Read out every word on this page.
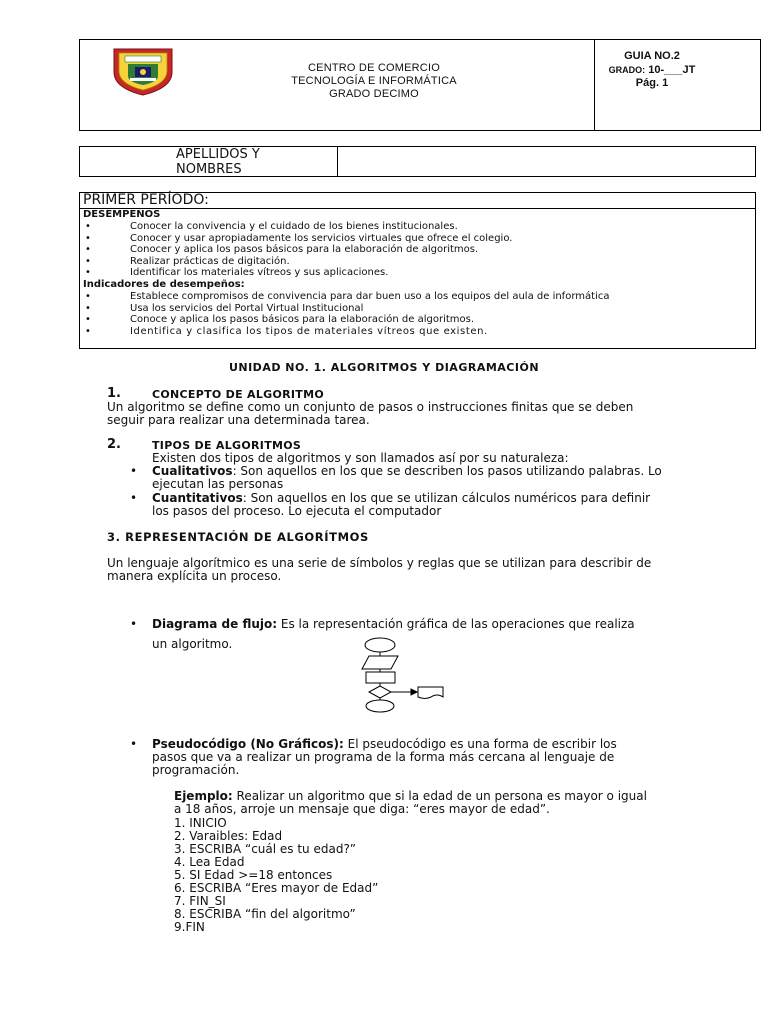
CENTRO DE COMERCIO
TECNOLOGÍA E INFORMÁTICA
GRADO DECIMO
GUIA NO.2
GRADO: 10-___JT
Pág. 1
APELLIDOS Y NOMBRES
PRIMER PERÍODO:
DESEMPEÑOS
•	Conocer la convivencia y el cuidado de los bienes institucionales.
•	Conocer y usar apropiadamente los servicios virtuales que ofrece el colegio.
•	Conocer y aplica los pasos básicos para la elaboración de algoritmos.
•	Realizar prácticas de digitación.
•	Identificar los materiales vítreos y sus aplicaciones.
Indicadores de desempeños:
•	Establece compromisos de convivencia para dar buen uso a los equipos del aula de informática
•	Usa los servicios del Portal Virtual Institucional
•	Conoce y aplica los pasos básicos para la elaboración de algoritmos.
•	Identifica y clasifica los tipos de materiales vítreos que existen.
UNIDAD NO. 1. ALGORITMOS Y DIAGRAMACIÓN
1.	CONCEPTO DE ALGORITMO
Un algoritmo se define como un conjunto de pasos o instrucciones finitas que se deben seguir para realizar una determinada tarea.
2.	TIPOS DE ALGORITMOS
Existen dos tipos de algoritmos y son llamados así por su naturaleza:
• Cualitativos: Son aquellos en los que se describen los pasos utilizando palabras. Lo ejecutan las personas
• Cuantitativos: Son aquellos en los que se utilizan cálculos numéricos para definir los pasos del proceso. Lo ejecuta el computador
3. REPRESENTACIÓN DE ALGORÍTMOS
Un lenguaje algorítmico es una serie de símbolos y reglas que se utilizan para describir de manera explícita un proceso.
• Diagrama de flujo: Es la representación gráfica de las operaciones que realiza
un algoritmo.
• Pseudocódigo (No Gráficos): El pseudocódigo es una forma de escribir los pasos que va a realizar un programa de la forma más cercana al lenguaje de programación.
Ejemplo: Realizar un algoritmo que si la edad de un persona es mayor o igual a 18 años, arroje un mensaje que diga: “eres mayor de edad”.
1. INICIO
2. Varaibles: Edad
3. ESCRIBA “cuál es tu edad?”
4. Lea Edad
5. SI Edad >=18 entonces
6. ESCRIBA “Eres mayor de Edad”
7. FIN_SI
8. ESCRIBA “fin del algoritmo”
9.FIN
